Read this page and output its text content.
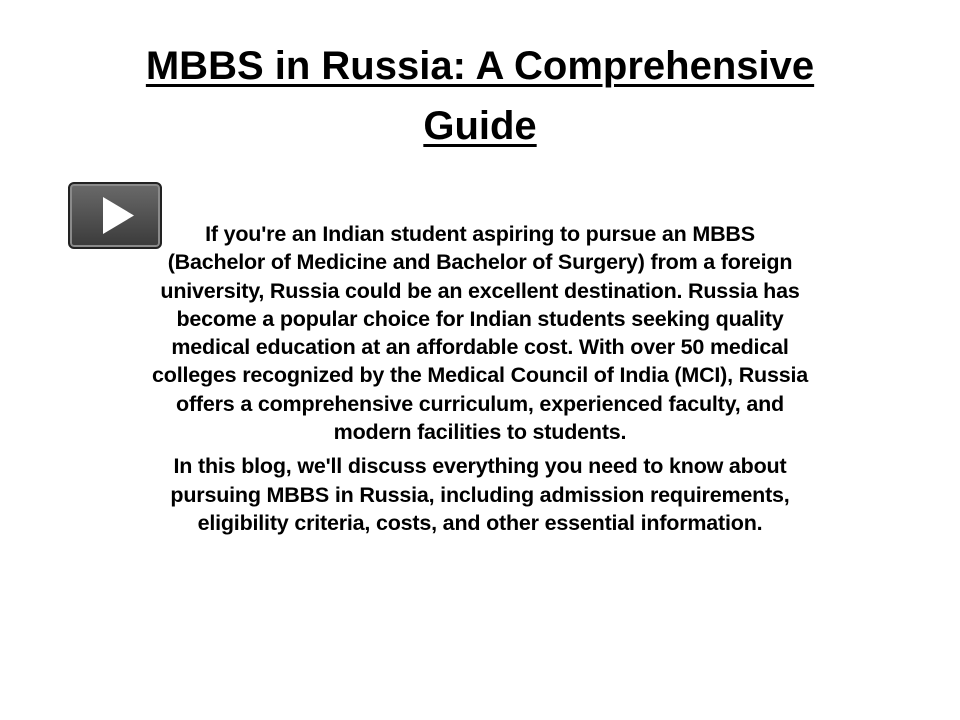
MBBS in Russia: A Comprehensive
Guide
If you're an Indian student aspiring to pursue an MBBS
(Bachelor of Medicine and Bachelor of Surgery) from a foreign
university, Russia could be an excellent destination. Russia has
become a popular choice for Indian students seeking quality
medical education at an affordable cost. With over 50 medical
colleges recognized by the Medical Council of India (MCI), Russia
offers a comprehensive curriculum, experienced faculty, and
modern facilities to students.
In this blog, we'll discuss everything you need to know about
pursuing MBBS in Russia, including admission requirements,
eligibility criteria, costs, and other essential information.
